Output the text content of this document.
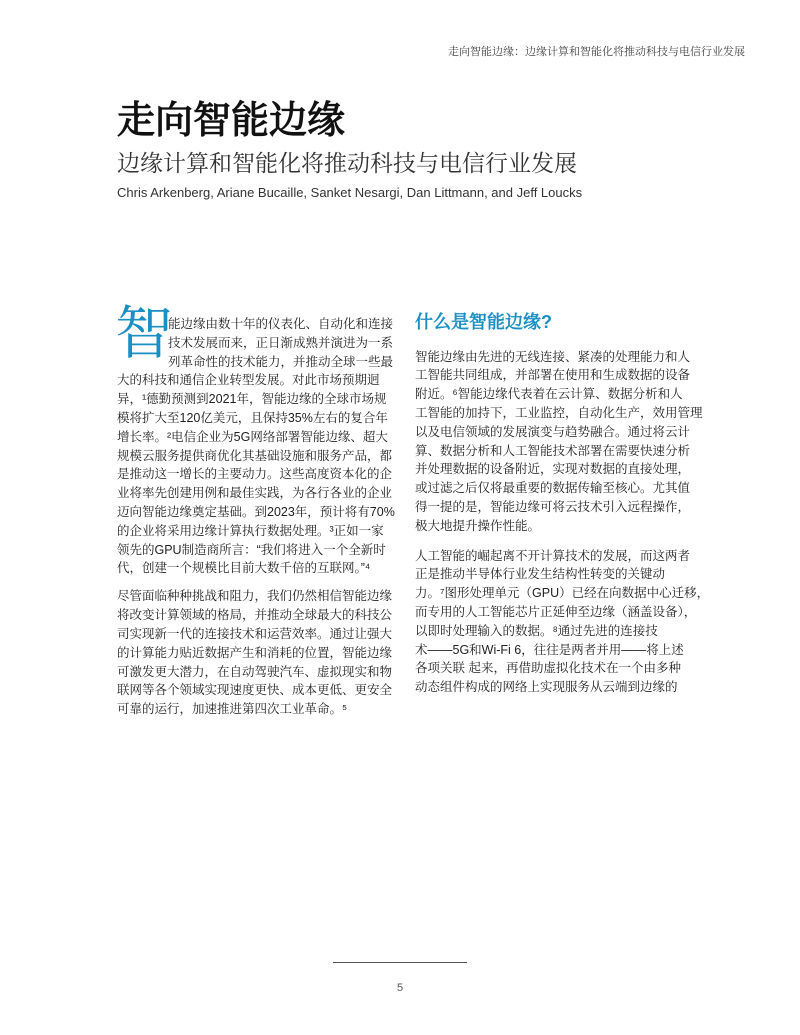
走向智能边缘：边缘计算和智能化将推动科技与电信行业发展
走向智能边缘
边缘计算和智能化将推动科技与电信行业发展
Chris Arkenberg, Ariane Bucaille, Sanket Nesargi, Dan Littmann, and Jeff Loucks
智
能边缘由数十年的仪表化、自动化和连接
技术发展而来，正日渐成熟并演进为一系
列革命性的技术能力，并推动全球一些最
大的科技和通信企业转型发展。对此市场预期迥
异，¹德勤预测到2021年，智能边缘的全球市场规
模将扩大至120亿美元，且保持35%左右的复合年
增长率。²电信企业为5G网络部署智能边缘、超大
规模云服务提供商优化其基础设施和服务产品，都
是推动这一增长的主要动力。这些高度资本化的企
业将率先创建用例和最佳实践，为各行各业的企业
迈向智能边缘奠定基础。到2023年，预计将有70%
的企业将采用边缘计算执行数据处理。³正如一家
领先的GPU制造商所言：“我们将进入一个全新时
代，创建一个规模比目前大数千倍的互联网。”⁴
尽管面临种种挑战和阻力，我们仍然相信智能边缘
将改变计算领域的格局，并推动全球最大的科技公
司实现新一代的连接技术和运营效率。通过让强大
的计算能力贴近数据产生和消耗的位置，智能边缘
可激发更大潜力，在自动驾驶汽车、虚拟现实和物
联网等各个领域实现速度更快、成本更低、更安全
可靠的运行，加速推进第四次工业革命。⁵
什么是智能边缘?
智能边缘由先进的无线连接、紧凑的处理能力和人
工智能共同组成，并部署在使用和生成数据的设备
附近。⁶智能边缘代表着在云计算、数据分析和人
工智能的加持下，工业监控，自动化生产，效用管理
以及电信领域的发展演变与趋势融合。通过将云计
算、数据分析和人工智能技术部署在需要快速分析
并处理数据的设备附近，实现对数据的直接处理，
或过滤之后仅将最重要的数据传输至核心。尤其值
得一提的是，智能边缘可将云技术引入远程操作，
极大地提升操作性能。
人工智能的崛起离不开计算技术的发展，而这两者
正是推动半导体行业发生结构性转变的关键动
力。⁷图形处理单元（GPU）已经在向数据中心迁移，
而专用的人工智能芯片正延伸至边缘（涵盖设备），
以即时处理输入的数据。⁸通过先进的连接技
术——5G和Wi-Fi 6，往往是两者并用——将上述
各项关联 起来，再借助虚拟化技术在一个由多种
动态组件构成的网络上实现服务从云端到边缘的
5
